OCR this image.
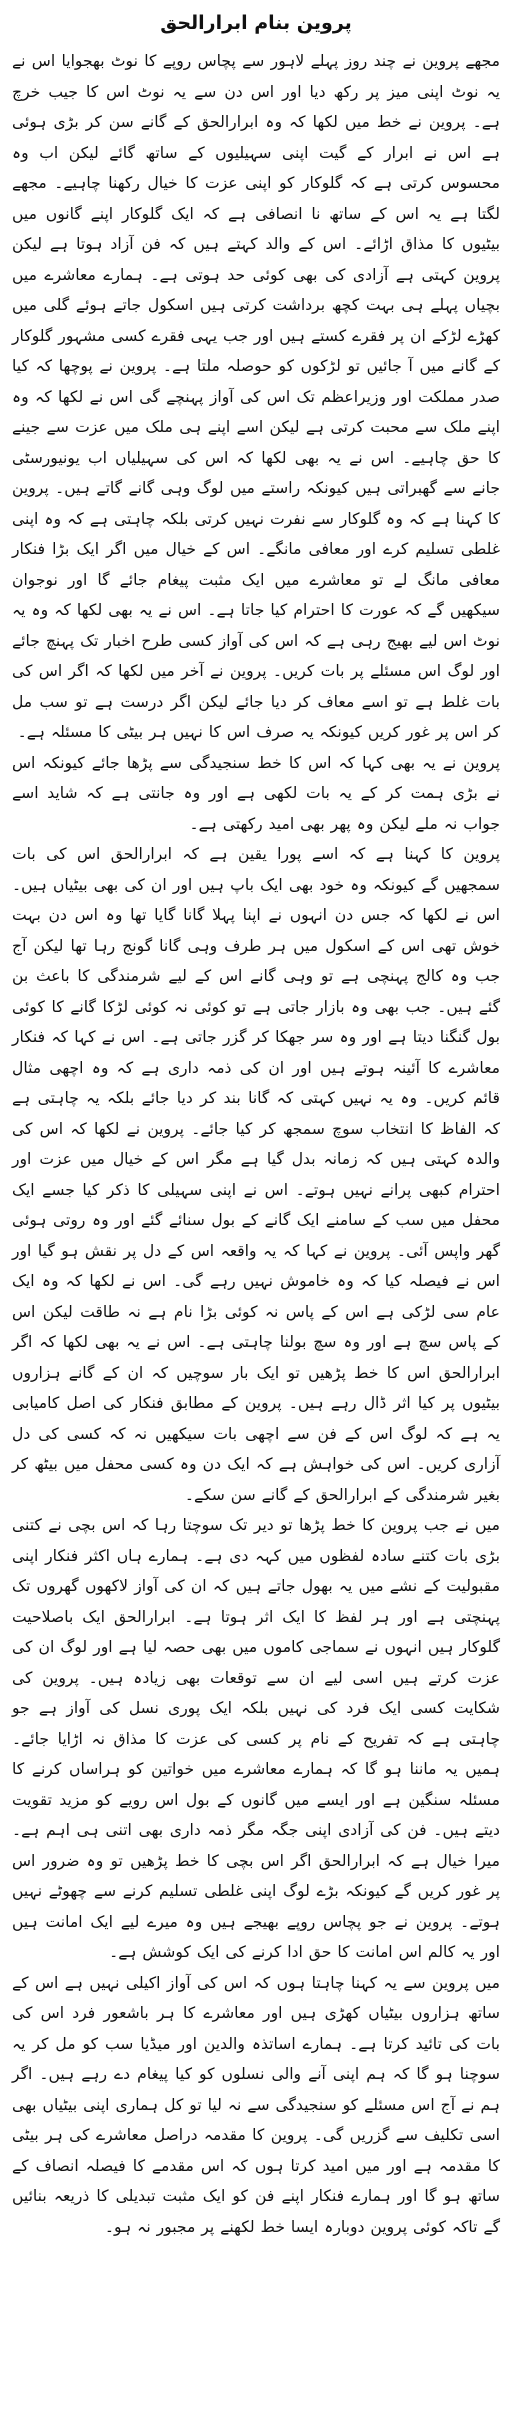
پروین بنام ابرارالحق

مجھے پروین نے چند روز پہلے لاہور سے پچاس روپے کا نوٹ بھجوایا اس نے یہ نوٹ اپنی میز پر رکھ دیا اور اس دن سے یہ نوٹ اس کا جیب خرچ ہے۔ پروین نے خط میں لکھا کہ وہ ابرارالحق کے گانے سن کر بڑی ہوئی ہے اس نے ابرار کے گیت اپنی سہیلیوں کے ساتھ گائے لیکن اب وہ محسوس کرتی ہے کہ گلوکار کو اپنی عزت کا خیال رکھنا چاہیے۔ مجھے لگتا ہے یہ اس کے ساتھ نا انصافی ہے کہ ایک گلوکار اپنے گانوں میں بیٹیوں کا مذاق اڑائے۔ اس کے والد کہتے ہیں کہ فن آزاد ہوتا ہے لیکن پروین کہتی ہے آزادی کی بھی کوئی حد ہوتی ہے۔ ہمارے معاشرے میں بچیاں پہلے ہی بہت کچھ برداشت کرتی ہیں اسکول جاتے ہوئے گلی میں کھڑے لڑکے ان پر فقرے کستے ہیں اور جب یہی فقرے کسی مشہور گلوکار کے گانے میں آ جائیں تو لڑکوں کو حوصلہ ملتا ہے۔ پروین نے پوچھا کہ کیا صدر مملکت اور وزیراعظم تک اس کی آواز پہنچے گی اس نے لکھا کہ وہ اپنے ملک سے محبت کرتی ہے لیکن اسے اپنے ہی ملک میں عزت سے جینے کا حق چاہیے۔ اس نے یہ بھی لکھا کہ اس کی سہیلیاں اب یونیورسٹی جانے سے گھبراتی ہیں کیونکہ راستے میں لوگ وہی گانے گاتے ہیں۔ پروین کا کہنا ہے کہ وہ گلوکار سے نفرت نہیں کرتی بلکہ چاہتی ہے کہ وہ اپنی غلطی تسلیم کرے اور معافی مانگے۔ اس کے خیال میں اگر ایک بڑا فنکار معافی مانگ لے تو معاشرے میں ایک مثبت پیغام جائے گا اور نوجوان سیکھیں گے کہ عورت کا احترام کیا جاتا ہے۔ اس نے یہ بھی لکھا کہ وہ یہ نوٹ اس لیے بھیج رہی ہے کہ اس کی آواز کسی طرح اخبار تک پہنچ جائے اور لوگ اس مسئلے پر بات کریں۔ پروین نے آخر میں لکھا کہ اگر اس کی بات غلط ہے تو اسے معاف کر دیا جائے لیکن اگر درست ہے تو سب مل کر اس پر غور کریں کیونکہ یہ صرف اس کا نہیں ہر بیٹی کا مسئلہ ہے۔

پروین نے یہ بھی کہا کہ اس کا خط سنجیدگی سے پڑھا جائے کیونکہ اس نے بڑی ہمت کر کے یہ بات لکھی ہے اور وہ جانتی ہے کہ شاید اسے جواب نہ ملے لیکن وہ پھر بھی امید رکھتی ہے۔

پروین کا کہنا ہے کہ اسے پورا یقین ہے کہ ابرارالحق اس کی بات سمجھیں گے کیونکہ وہ خود بھی ایک باپ ہیں اور ان کی بھی بیٹیاں ہیں۔ اس نے لکھا کہ جس دن انہوں نے اپنا پہلا گانا گایا تھا وہ اس دن بہت خوش تھی اس کے اسکول میں ہر طرف وہی گانا گونج رہا تھا لیکن آج جب وہ کالج پہنچی ہے تو وہی گانے اس کے لیے شرمندگی کا باعث بن گئے ہیں۔ جب بھی وہ بازار جاتی ہے تو کوئی نہ کوئی لڑکا گانے کا کوئی بول گنگنا دیتا ہے اور وہ سر جھکا کر گزر جاتی ہے۔ اس نے کہا کہ فنکار معاشرے کا آئینہ ہوتے ہیں اور ان کی ذمہ داری ہے کہ وہ اچھی مثال قائم کریں۔ وہ یہ نہیں کہتی کہ گانا بند کر دیا جائے بلکہ یہ چاہتی ہے کہ الفاظ کا انتخاب سوچ سمجھ کر کیا جائے۔ پروین نے لکھا کہ اس کی والدہ کہتی ہیں کہ زمانہ بدل گیا ہے مگر اس کے خیال میں عزت اور احترام کبھی پرانے نہیں ہوتے۔ اس نے اپنی سہیلی کا ذکر کیا جسے ایک محفل میں سب کے سامنے ایک گانے کے بول سنائے گئے اور وہ روتی ہوئی گھر واپس آئی۔ پروین نے کہا کہ یہ واقعہ اس کے دل پر نقش ہو گیا اور اس نے فیصلہ کیا کہ وہ خاموش نہیں رہے گی۔ اس نے لکھا کہ وہ ایک عام سی لڑکی ہے اس کے پاس نہ کوئی بڑا نام ہے نہ طاقت لیکن اس کے پاس سچ ہے اور وہ سچ بولنا چاہتی ہے۔ اس نے یہ بھی لکھا کہ اگر ابرارالحق اس کا خط پڑھیں تو ایک بار سوچیں کہ ان کے گانے ہزاروں بیٹیوں پر کیا اثر ڈال رہے ہیں۔ پروین کے مطابق فنکار کی اصل کامیابی یہ ہے کہ لوگ اس کے فن سے اچھی بات سیکھیں نہ کہ کسی کی دل آزاری کریں۔ اس کی خواہش ہے کہ ایک دن وہ کسی محفل میں بیٹھ کر بغیر شرمندگی کے ابرارالحق کے گانے سن سکے۔

میں نے جب پروین کا خط پڑھا تو دیر تک سوچتا رہا کہ اس بچی نے کتنی بڑی بات کتنے سادہ لفظوں میں کہہ دی ہے۔ ہمارے ہاں اکثر فنکار اپنی مقبولیت کے نشے میں یہ بھول جاتے ہیں کہ ان کی آواز لاکھوں گھروں تک پہنچتی ہے اور ہر لفظ کا ایک اثر ہوتا ہے۔ ابرارالحق ایک باصلاحیت گلوکار ہیں انہوں نے سماجی کاموں میں بھی حصہ لیا ہے اور لوگ ان کی عزت کرتے ہیں اسی لیے ان سے توقعات بھی زیادہ ہیں۔ پروین کی شکایت کسی ایک فرد کی نہیں بلکہ ایک پوری نسل کی آواز ہے جو چاہتی ہے کہ تفریح کے نام پر کسی کی عزت کا مذاق نہ اڑایا جائے۔ ہمیں یہ ماننا ہو گا کہ ہمارے معاشرے میں خواتین کو ہراساں کرنے کا مسئلہ سنگین ہے اور ایسے میں گانوں کے بول اس رویے کو مزید تقویت دیتے ہیں۔ فن کی آزادی اپنی جگہ مگر ذمہ داری بھی اتنی ہی اہم ہے۔ میرا خیال ہے کہ ابرارالحق اگر اس بچی کا خط پڑھیں تو وہ ضرور اس پر غور کریں گے کیونکہ بڑے لوگ اپنی غلطی تسلیم کرنے سے چھوٹے نہیں ہوتے۔ پروین نے جو پچاس روپے بھیجے ہیں وہ میرے لیے ایک امانت ہیں اور یہ کالم اس امانت کا حق ادا کرنے کی ایک کوشش ہے۔

میں پروین سے یہ کہنا چاہتا ہوں کہ اس کی آواز اکیلی نہیں ہے اس کے ساتھ ہزاروں بیٹیاں کھڑی ہیں اور معاشرے کا ہر باشعور فرد اس کی بات کی تائید کرتا ہے۔ ہمارے اساتذہ والدین اور میڈیا سب کو مل کر یہ سوچنا ہو گا کہ ہم اپنی آنے والی نسلوں کو کیا پیغام دے رہے ہیں۔ اگر ہم نے آج اس مسئلے کو سنجیدگی سے نہ لیا تو کل ہماری اپنی بیٹیاں بھی اسی تکلیف سے گزریں گی۔ پروین کا مقدمہ دراصل معاشرے کی ہر بیٹی کا مقدمہ ہے اور میں امید کرتا ہوں کہ اس مقدمے کا فیصلہ انصاف کے ساتھ ہو گا اور ہمارے فنکار اپنے فن کو ایک مثبت تبدیلی کا ذریعہ بنائیں گے تاکہ کوئی پروین دوبارہ ایسا خط لکھنے پر مجبور نہ ہو۔
